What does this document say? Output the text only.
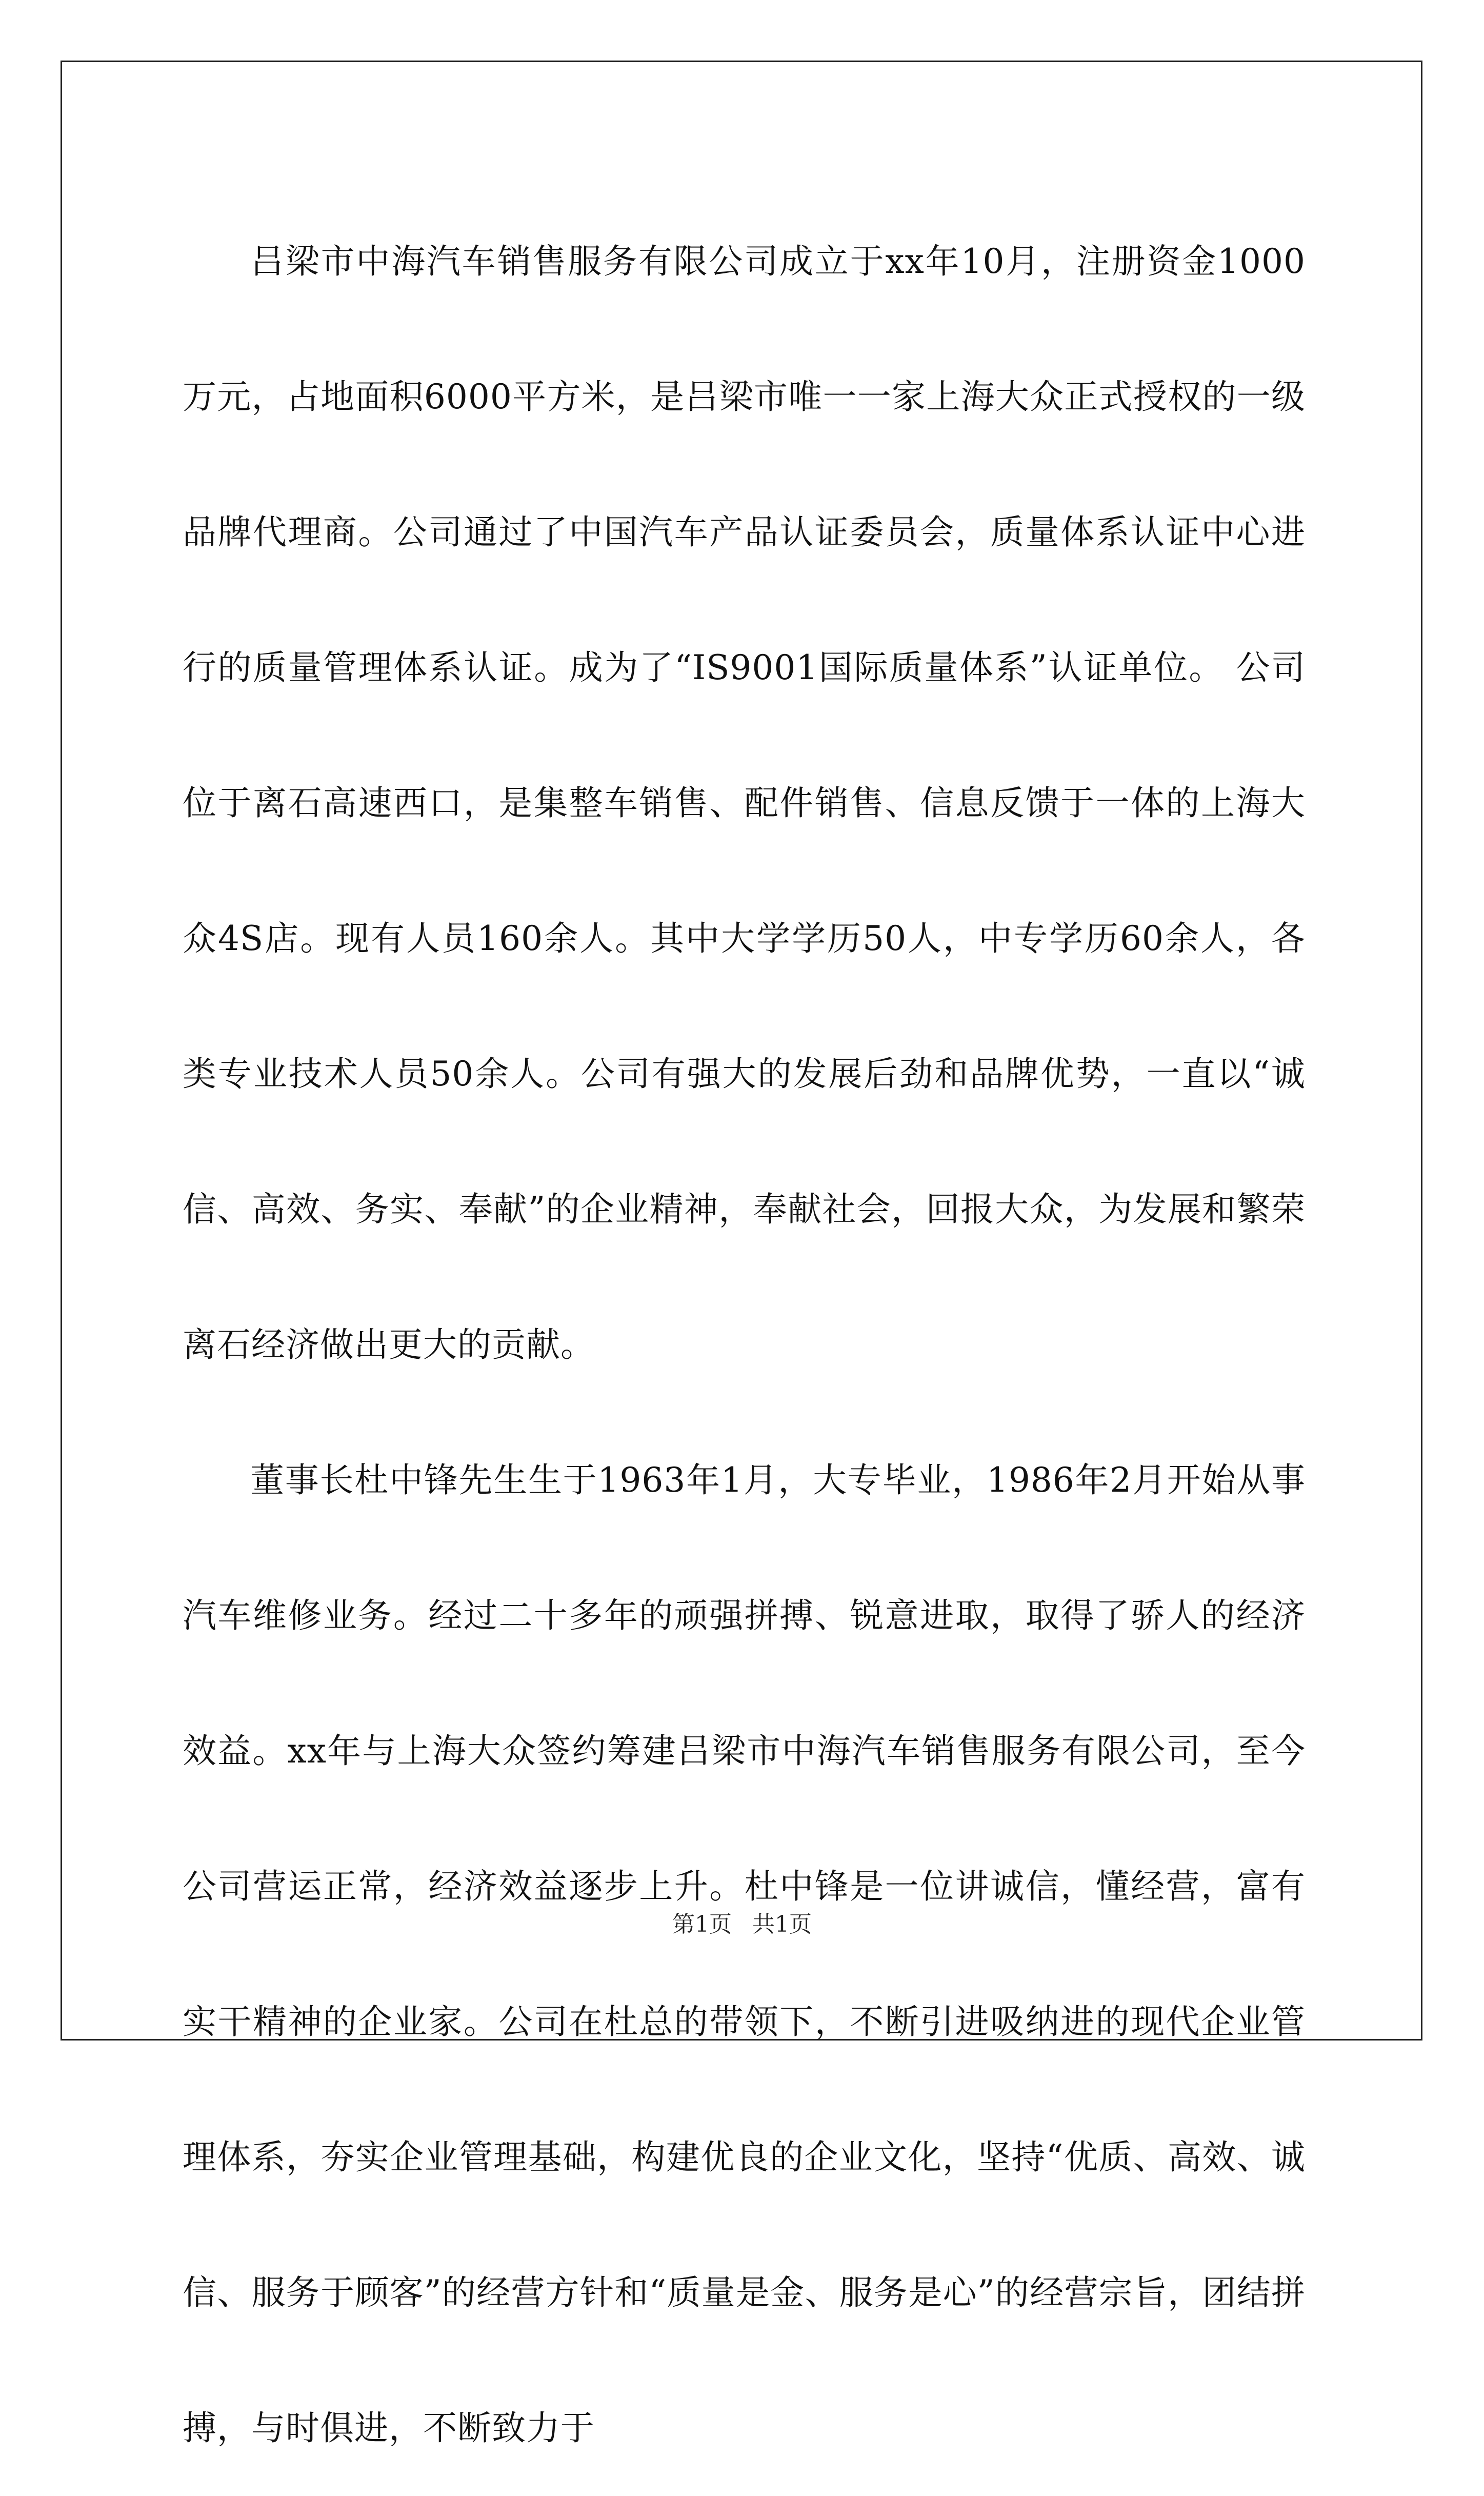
吕梁市中海汽车销售服务有限公司成立于xx年10月，注册资金1000万元，占地面积6000平方米，是吕梁市唯一一家上海大众正式授权的一级品牌代理商。公司通过了中国汽车产品认证委员会，质量体系认证中心进行的质量管理体系认证。成为了“IS9001国际质量体系”认证单位。 公司位于离石高速西口，是集整车销售、配件销售、信息反馈于一体的上海大众4S店。现有人员160余人。其中大学学历50人，中专学历60余人，各类专业技术人员50余人。公司有强大的发展后劲和品牌优势，一直以“诚信、高效、务实、奉献”的企业精神，奉献社会，回报大众，为发展和繁荣离石经济做出更大的贡献。

董事长杜中锋先生生于1963年1月，大专毕业，1986年2月开始从事汽车维修业务。经过二十多年的顽强拼搏、锐意进取，取得了骄人的经济效益。xx年与上海大众签约筹建吕梁市中海汽车销售服务有限公司，至今公司营运正常，经济效益逐步上升。杜中锋是一位讲诚信，懂经营，富有实干精神的企业家。公司在杜总的带领下，不断引进吸纳进的现代企业管理体系，夯实企业管理基础，构建优良的企业文化，坚持“优质、高效、诚信、服务于顾客”的经营方针和“质量是金、服务是心”的经营宗旨，团结拼搏，与时俱进，不断致力于

第1页 共1页
